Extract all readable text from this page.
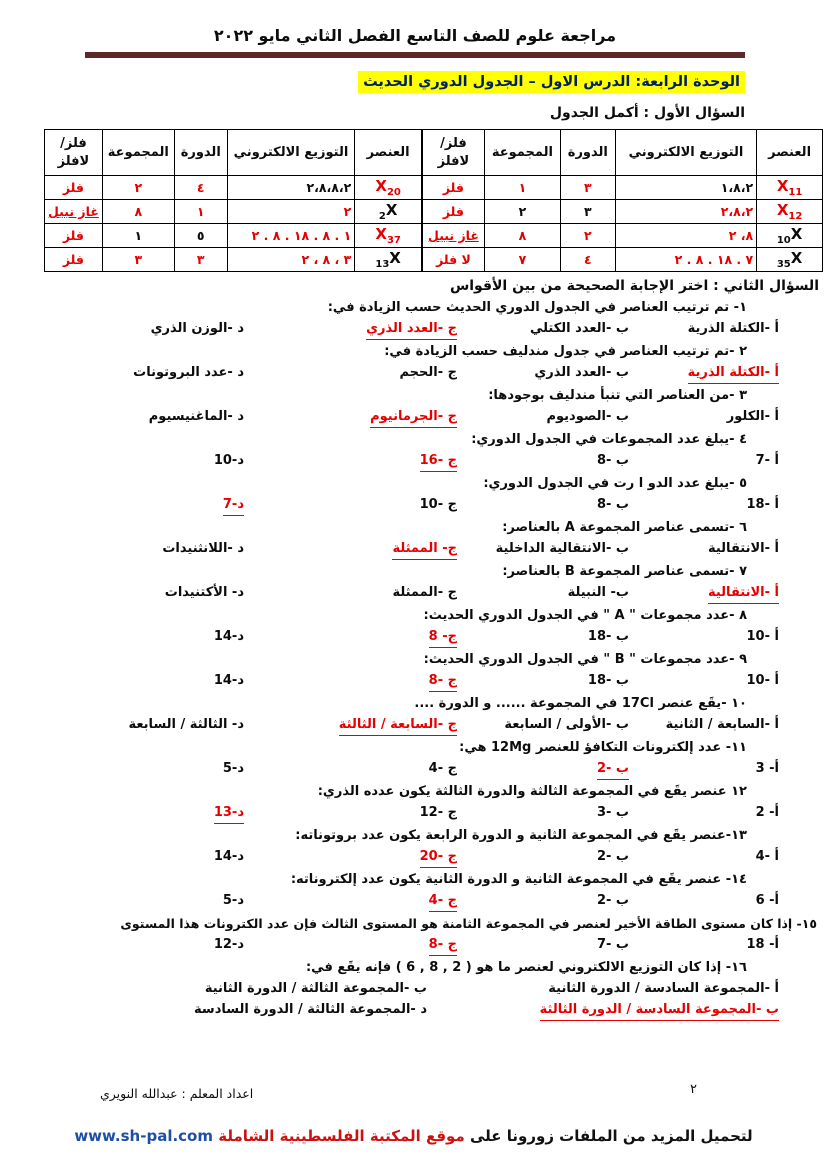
مراجعة علوم للصف التاسع الفصل الثاني مايو ٢٠٢٢
الوحدة الرابعة: الدرس الاول – الجدول الدوري الحديث
السؤال الأول : أكمل الجدول
العنصر	التوزيع الالكتروني	الدورة	المجموعة	فلز/لافلز
$X_{11}$	١،٨،٢	٣	١	فلز
$X_{12}$	٢،٨،٢	٣	٢	فلز
$_{10}$X	٨، ٢	٢	٨	غاز نبيل
$_{35}$X	٧ . ١٨ . ٨ . ٢	٤	٧	لا فلز
العنصر	التوزيع الالكتروني	الدورة	المجموعة	فلز/لافلز
$X_{20}$	٢،٨،٨،٢	٤	٢	فلز
$_2$X	٢	١	٨	غاز نبيل
$X_{37}$	١ . ٨ . ١٨ . ٨ . ٢	٥	١	فلز
$_{13}$X	٣ ، ٨ ، ٢	٣	٣	فلز
السؤال الثاني : اختر الإجابة الصحيحة من بين الأقواس
١- تم ترتيب العناصر في الجدول الدوري الحديث حسب الزيادة في:
أ -الكتلة الذرية
ب -العدد الكتلي
ج -العدد الذري
د -الوزن الذري
٢ -تم ترتيب العناصر في جدول مندليف حسب الزيادة في:
أ -الكتلة الذرية
ب -العدد الذري
ج -الحجم
د -عدد البروتونات
٣ -من العناصر التي تنبأ مندليف بوجودها:
أ -الكلور
ب -الصوديوم
ج -الجرمانيوم
د -الماغنيسيوم
٤ -يبلغ عدد المجموعات في الجدول الدوري:
أ -7
ب -8
ج -16
د-10
٥ -يبلغ عدد الدو ا رت في الجدول الدوري:
أ -18
ب -8
ج -10
د-7
٦ -تسمى عناصر المجموعة A بالعناصر:
أ -الانتقالية
ب -الانتقالية الداخلية
ج- الممثلة
د -اللانثنيدات
٧ -تسمى عناصر المجموعة B بالعناصر:
أ -الانتقالية
ب- النبيلة
ج -الممثلة
د- الأكتنيدات
٨ -عدد مجموعات " A " في الجدول الدوري الحديث:
أ -10
ب -18
ج- 8
د-14
٩ -عدد مجموعات " B " في الجدول الدوري الحديث:
أ -10
ب -18
ج -8
د-14
١٠ -يقَع عنصر ‪17Cl‬ في المجموعة ...... و الدورة ....
أ -السابعة / الثانية
ب -الأولى / السابعة
ج -السابعة / الثالثة
د- الثالثة / السابعة
١١- عدد إلكترونات التكافؤ للعنصر ‪12Mg‬ هي:
أ- 3
ب -2
ج -4
د-5
١٢ عنصر يقَع في المجموعة الثالثة والدورة الثالثة يكون عدده الذري:
أ- 2
ب -3
ج -12
د-13
١٣-عنصر يقَع في المجموعة الثانية و الدورة الرابعة يكون عدد بروتوناته:
أ -4
ب -2
ج -20
د-14
١٤- عنصر يقَع في المجموعة الثانية و الدورة الثانية يكون عدد إلكتروناته:
أ- 6
ب -2
ج -4
د-5
١٥- إذا كان مستوى الطاقة الأخير لعنصر في المجموعة الثامنة هو المستوى الثالث فإن عدد الكترونات هذا المستوى
أ- 18
ب -7
ج -8
د-12
١٦- إذا كان التوزيع الالكتروني لعنصر ما هو ‪( 6 , 8 , 2 )‬ فإنه يقَع في:
أ -المجموعة السادسة / الدورة الثانية
ب -المجموعة الثالثة / الدورة الثانية
ب -المجموعة السادسة / الدورة الثالثة
د -المجموعة الثالثة / الدورة السادسة
٢
اعداد المعلم : عبدالله النويري
لتحميل المزيد من الملفات زورونا على موقع المكتبة الفلسطينية الشاملة www.sh-pal.com
